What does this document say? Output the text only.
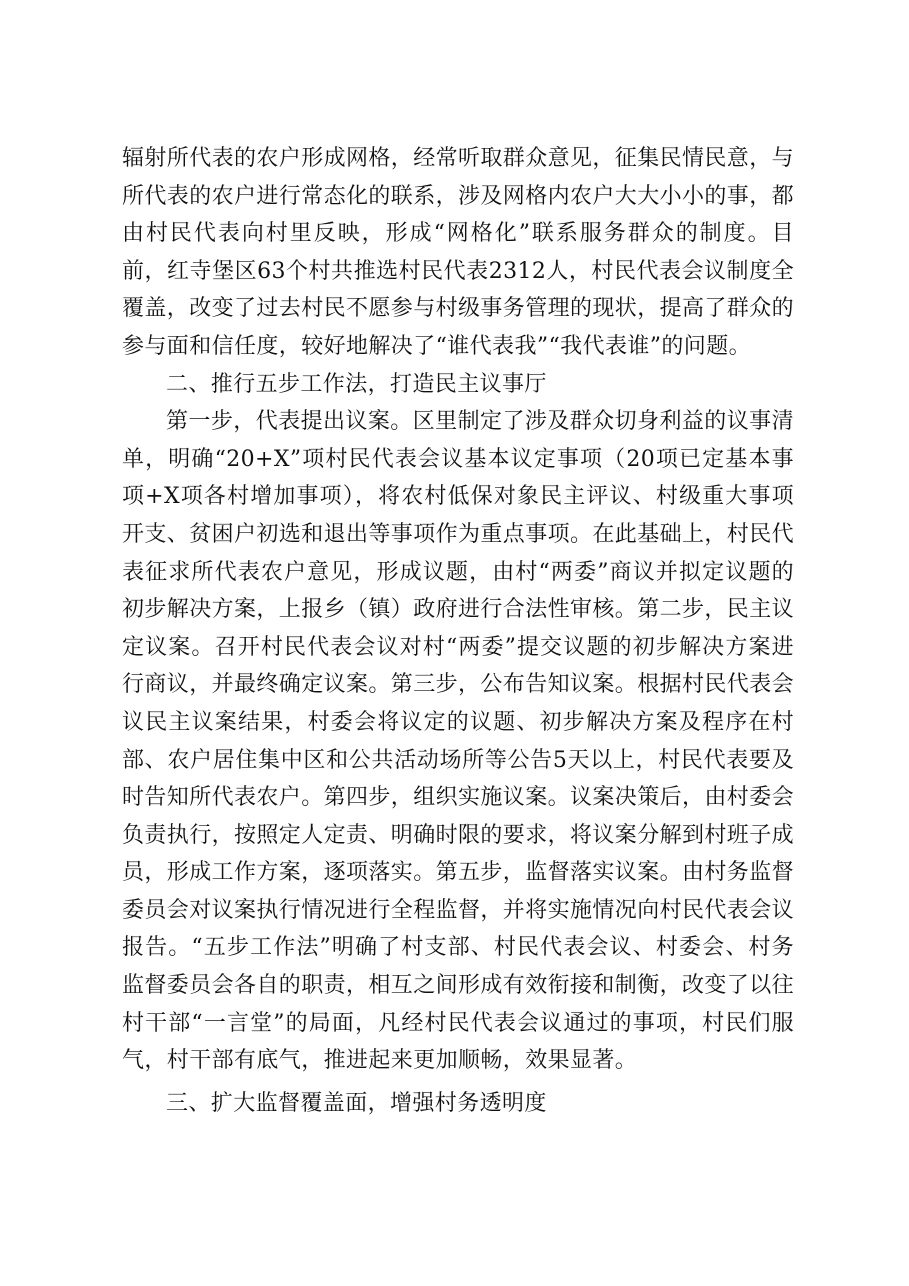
辐射所代表的农户形成网格，经常听取群众意见，征集民情民意，与所代表的农户进行常态化的联系，涉及网格内农户大大小小的事，都由村民代表向村里反映，形成“网格化”联系服务群众的制度。目前，红寺堡区63个村共推选村民代表2312人，村民代表会议制度全覆盖，改变了过去村民不愿参与村级事务管理的现状，提高了群众的参与面和信任度，较好地解决了“谁代表我”“我代表谁”的问题。

二、推行五步工作法，打造民主议事厅

第一步，代表提出议案。区里制定了涉及群众切身利益的议事清单，明确“20+X”项村民代表会议基本议定事项（20项已定基本事项+X项各村增加事项），将农村低保对象民主评议、村级重大事项开支、贫困户初选和退出等事项作为重点事项。在此基础上，村民代表征求所代表农户意见，形成议题，由村“两委”商议并拟定议题的初步解决方案，上报乡（镇）政府进行合法性审核。第二步，民主议定议案。召开村民代表会议对村“两委”提交议题的初步解决方案进行商议，并最终确定议案。第三步，公布告知议案。根据村民代表会议民主议案结果，村委会将议定的议题、初步解决方案及程序在村部、农户居住集中区和公共活动场所等公告5天以上，村民代表要及时告知所代表农户。第四步，组织实施议案。议案决策后，由村委会负责执行，按照定人定责、明确时限的要求，将议案分解到村班子成员，形成工作方案，逐项落实。第五步，监督落实议案。由村务监督委员会对议案执行情况进行全程监督，并将实施情况向村民代表会议报告。“五步工作法”明确了村支部、村民代表会议、村委会、村务监督委员会各自的职责，相互之间形成有效衔接和制衡，改变了以往村干部“一言堂”的局面，凡经村民代表会议通过的事项，村民们服气，村干部有底气，推进起来更加顺畅，效果显著。

三、扩大监督覆盖面，增强村务透明度
